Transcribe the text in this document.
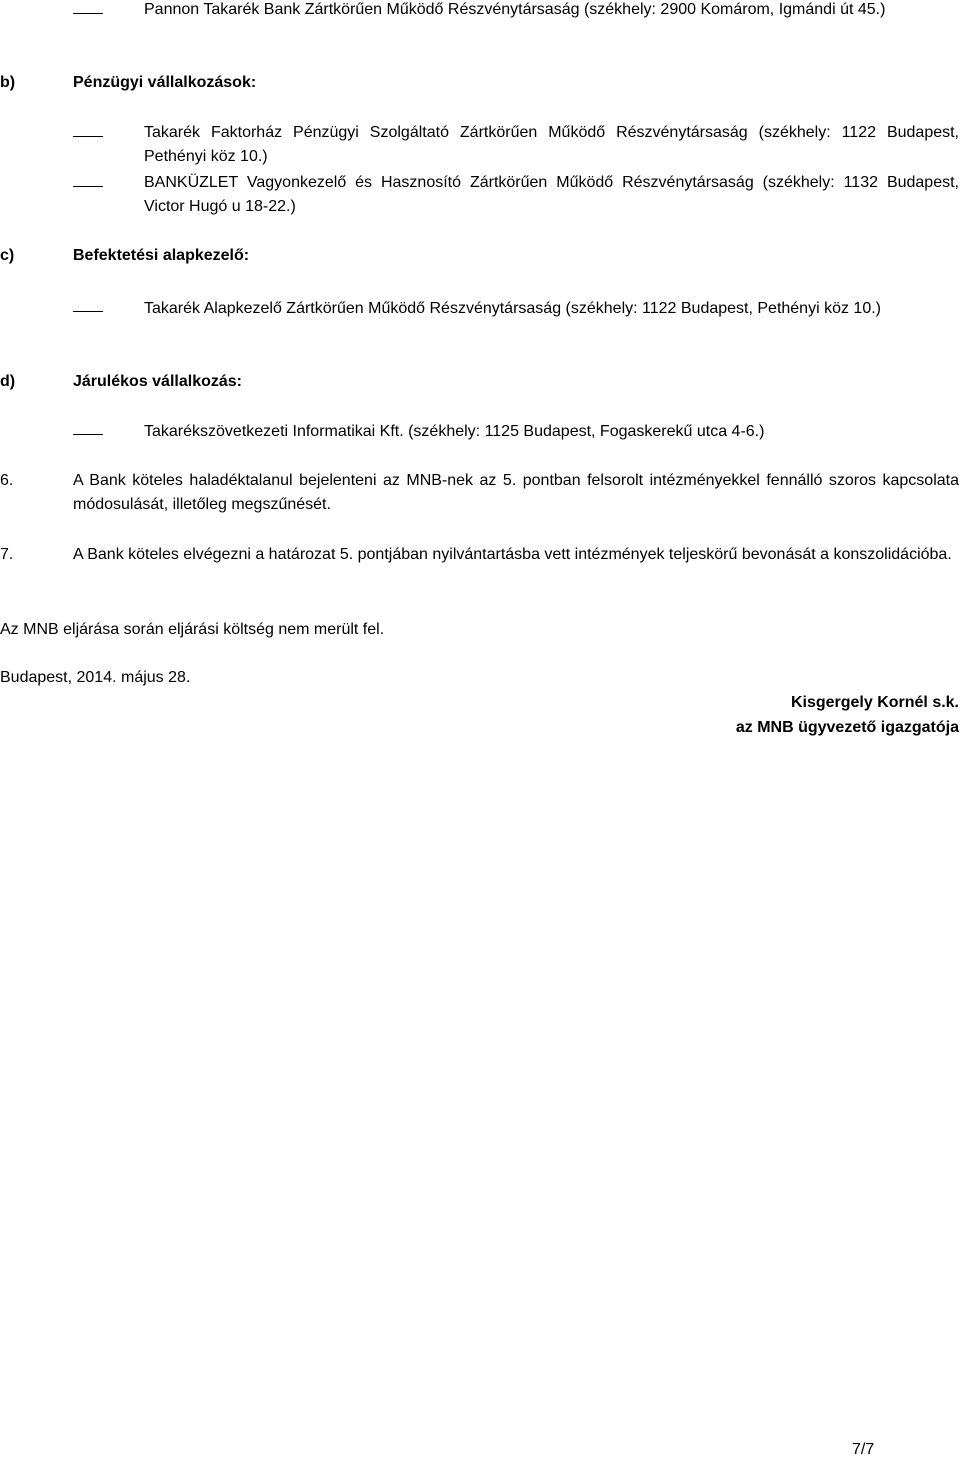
Pannon Takarék Bank Zártkörűen Működő Részvénytársaság (székhely: 2900 Komárom, Igmándi út 45.)
b)	Pénzügyi vállalkozások:
Takarék Faktorház Pénzügyi Szolgáltató Zártkörűen Működő Részvénytársaság (székhely: 1122 Budapest, Pethényi köz 10.)
BANKÜZLET Vagyonkezelő és Hasznosító Zártkörűen Működő Részvénytársaság (székhely: 1132 Budapest, Victor Hugó u 18-22.)
c)	Befektetési alapkezelő:
Takarék Alapkezelő Zártkörűen Működő Részvénytársaság (székhely: 1122 Budapest, Pethényi köz 10.)
d)	Járulékos vállalkozás:
Takarékszövetkezeti Informatikai Kft. (székhely: 1125 Budapest, Fogaskerekű utca 4-6.)
6.	A Bank köteles haladéktalanul bejelenteni az MNB-nek az 5. pontban felsorolt intézményekkel fennálló szoros kapcsolata módosulását, illetőleg megszűnését.
7.	A Bank köteles elvégezni a határozat 5. pontjában nyilvántartásba vett intézmények teljeskörű bevonását a konszolidációba.
Az MNB eljárása során eljárási költség nem merült fel.
Budapest, 2014. május 28.
Kisgergely Kornél s.k.
az MNB ügyvezető igazgatója
7/7
